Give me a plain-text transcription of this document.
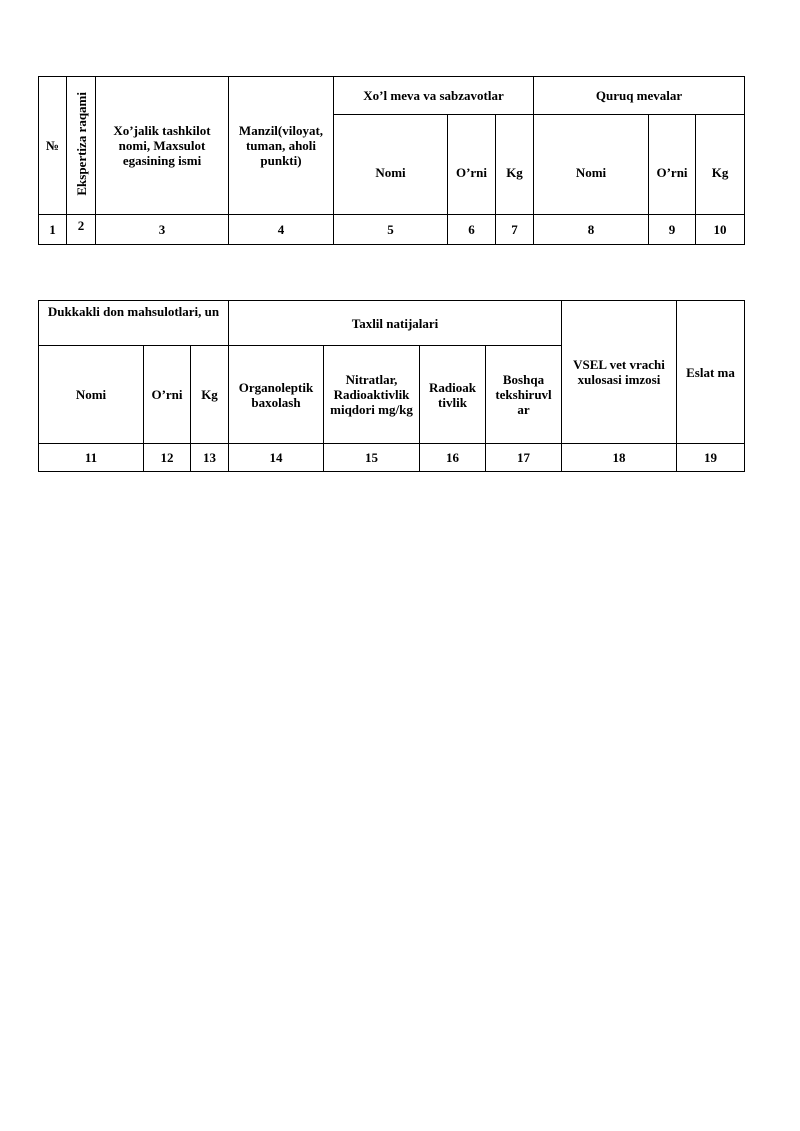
№	Ekspertiza raqami	Xo’jalik tashkilot nomi, Maxsulot egasining ismi	Manzil(viloyat, tuman, aholi punkti)	Xo’l meva va sabzavotlar			Quruq mevalar		
				Nomi	O’rni	Kg	Nomi	O’rni	Kg
1	2	3	4	5	6	7	8	9	10
Dukkakli don mahsulotlari, un			Taxlil natijalari				VSEL vet vrachi xulosasi imzosi	Eslat ma
Nomi	O’rni	Kg	Organoleptik baxolash	Nitratlar, Radioaktivlik miqdori mg/kg	Radioak tivlik	Boshqa tekshiruvl ar		
11	12	13	14	15	16	17	18	19
